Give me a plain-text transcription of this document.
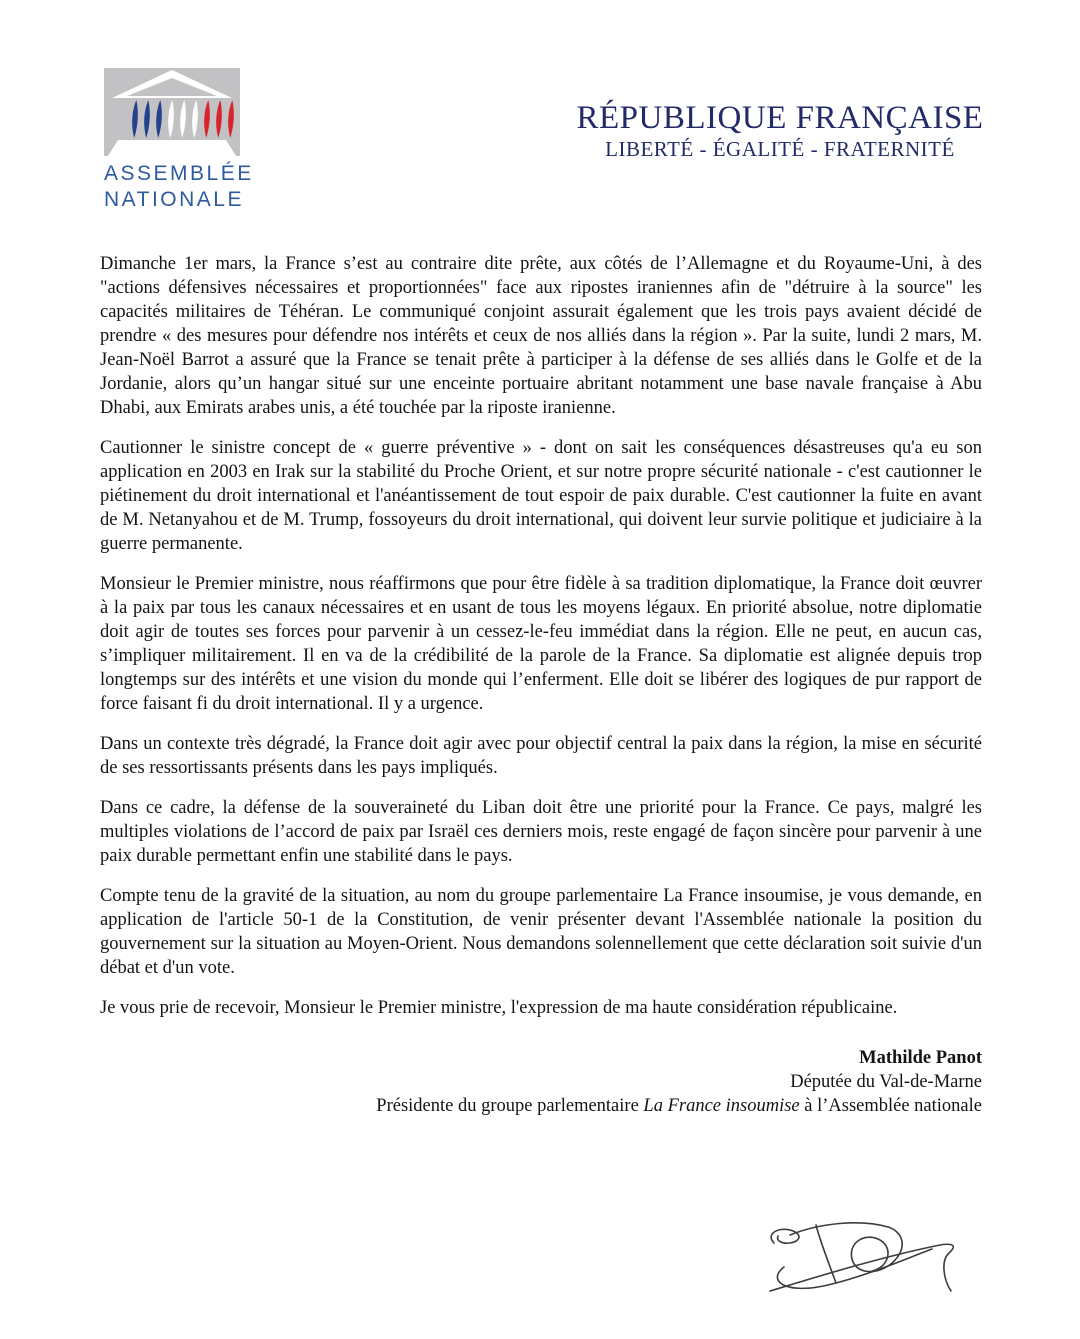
ASSEMBLÉE
NATIONALE
RÉPUBLIQUE FRANÇAISE
LIBERTÉ - ÉGALITÉ - FRATERNITÉ

Dimanche 1er mars, la France s’est au contraire dite prête, aux côtés de l’Allemagne et du Royaume-Uni, à des "actions défensives nécessaires et proportionnées" face aux ripostes iraniennes afin de "détruire à la source" les capacités militaires de Téhéran. Le communiqué conjoint assurait également que les trois pays avaient décidé de prendre « des mesures pour défendre nos intérêts et ceux de nos alliés dans la région ». Par la suite, lundi 2 mars, M. Jean-Noël Barrot a assuré que la France se tenait prête à participer à la défense de ses alliés dans le Golfe et de la Jordanie, alors qu’un hangar situé sur une enceinte portuaire abritant notamment une base navale française à Abu Dhabi, aux Emirats arabes unis, a été touchée par la riposte iranienne.

Cautionner le sinistre concept de « guerre préventive » - dont on sait les conséquences désastreuses qu'a eu son application en 2003 en Irak sur la stabilité du Proche Orient, et sur notre propre sécurité nationale - c'est cautionner le piétinement du droit international et l'anéantissement de tout espoir de paix durable. C'est cautionner la fuite en avant de M. Netanyahou et de M. Trump, fossoyeurs du droit international, qui doivent leur survie politique et judiciaire à la guerre permanente.

Monsieur le Premier ministre, nous réaffirmons que pour être fidèle à sa tradition diplomatique, la France doit œuvrer à la paix par tous les canaux nécessaires et en usant de tous les moyens légaux. En priorité absolue, notre diplomatie doit agir de toutes ses forces pour parvenir à un cessez-le-feu immédiat dans la région. Elle ne peut, en aucun cas, s’impliquer militairement. Il en va de la crédibilité de la parole de la France. Sa diplomatie est alignée depuis trop longtemps sur des intérêts et une vision du monde qui l’enferment. Elle doit se libérer des logiques de pur rapport de force faisant fi du droit international. Il y a urgence.

Dans un contexte très dégradé, la France doit agir avec pour objectif central la paix dans la région, la mise en sécurité de ses ressortissants présents dans les pays impliqués.

Dans ce cadre, la défense de la souveraineté du Liban doit être une priorité pour la France. Ce pays, malgré les multiples violations de l’accord de paix par Israël ces derniers mois, reste engagé de façon sincère pour parvenir à une paix durable permettant enfin une stabilité dans le pays.

Compte tenu de la gravité de la situation, au nom du groupe parlementaire La France insoumise, je vous demande, en application de l'article 50-1 de la Constitution, de venir présenter devant l'Assemblée nationale la position du gouvernement sur la situation au Moyen-Orient. Nous demandons solennellement que cette déclaration soit suivie d'un débat et d'un vote.

Je vous prie de recevoir, Monsieur le Premier ministre, l'expression de ma haute considération républicaine.

Mathilde Panot
Députée du Val-de-Marne
Présidente du groupe parlementaire La France insoumise à l’Assemblée nationale
